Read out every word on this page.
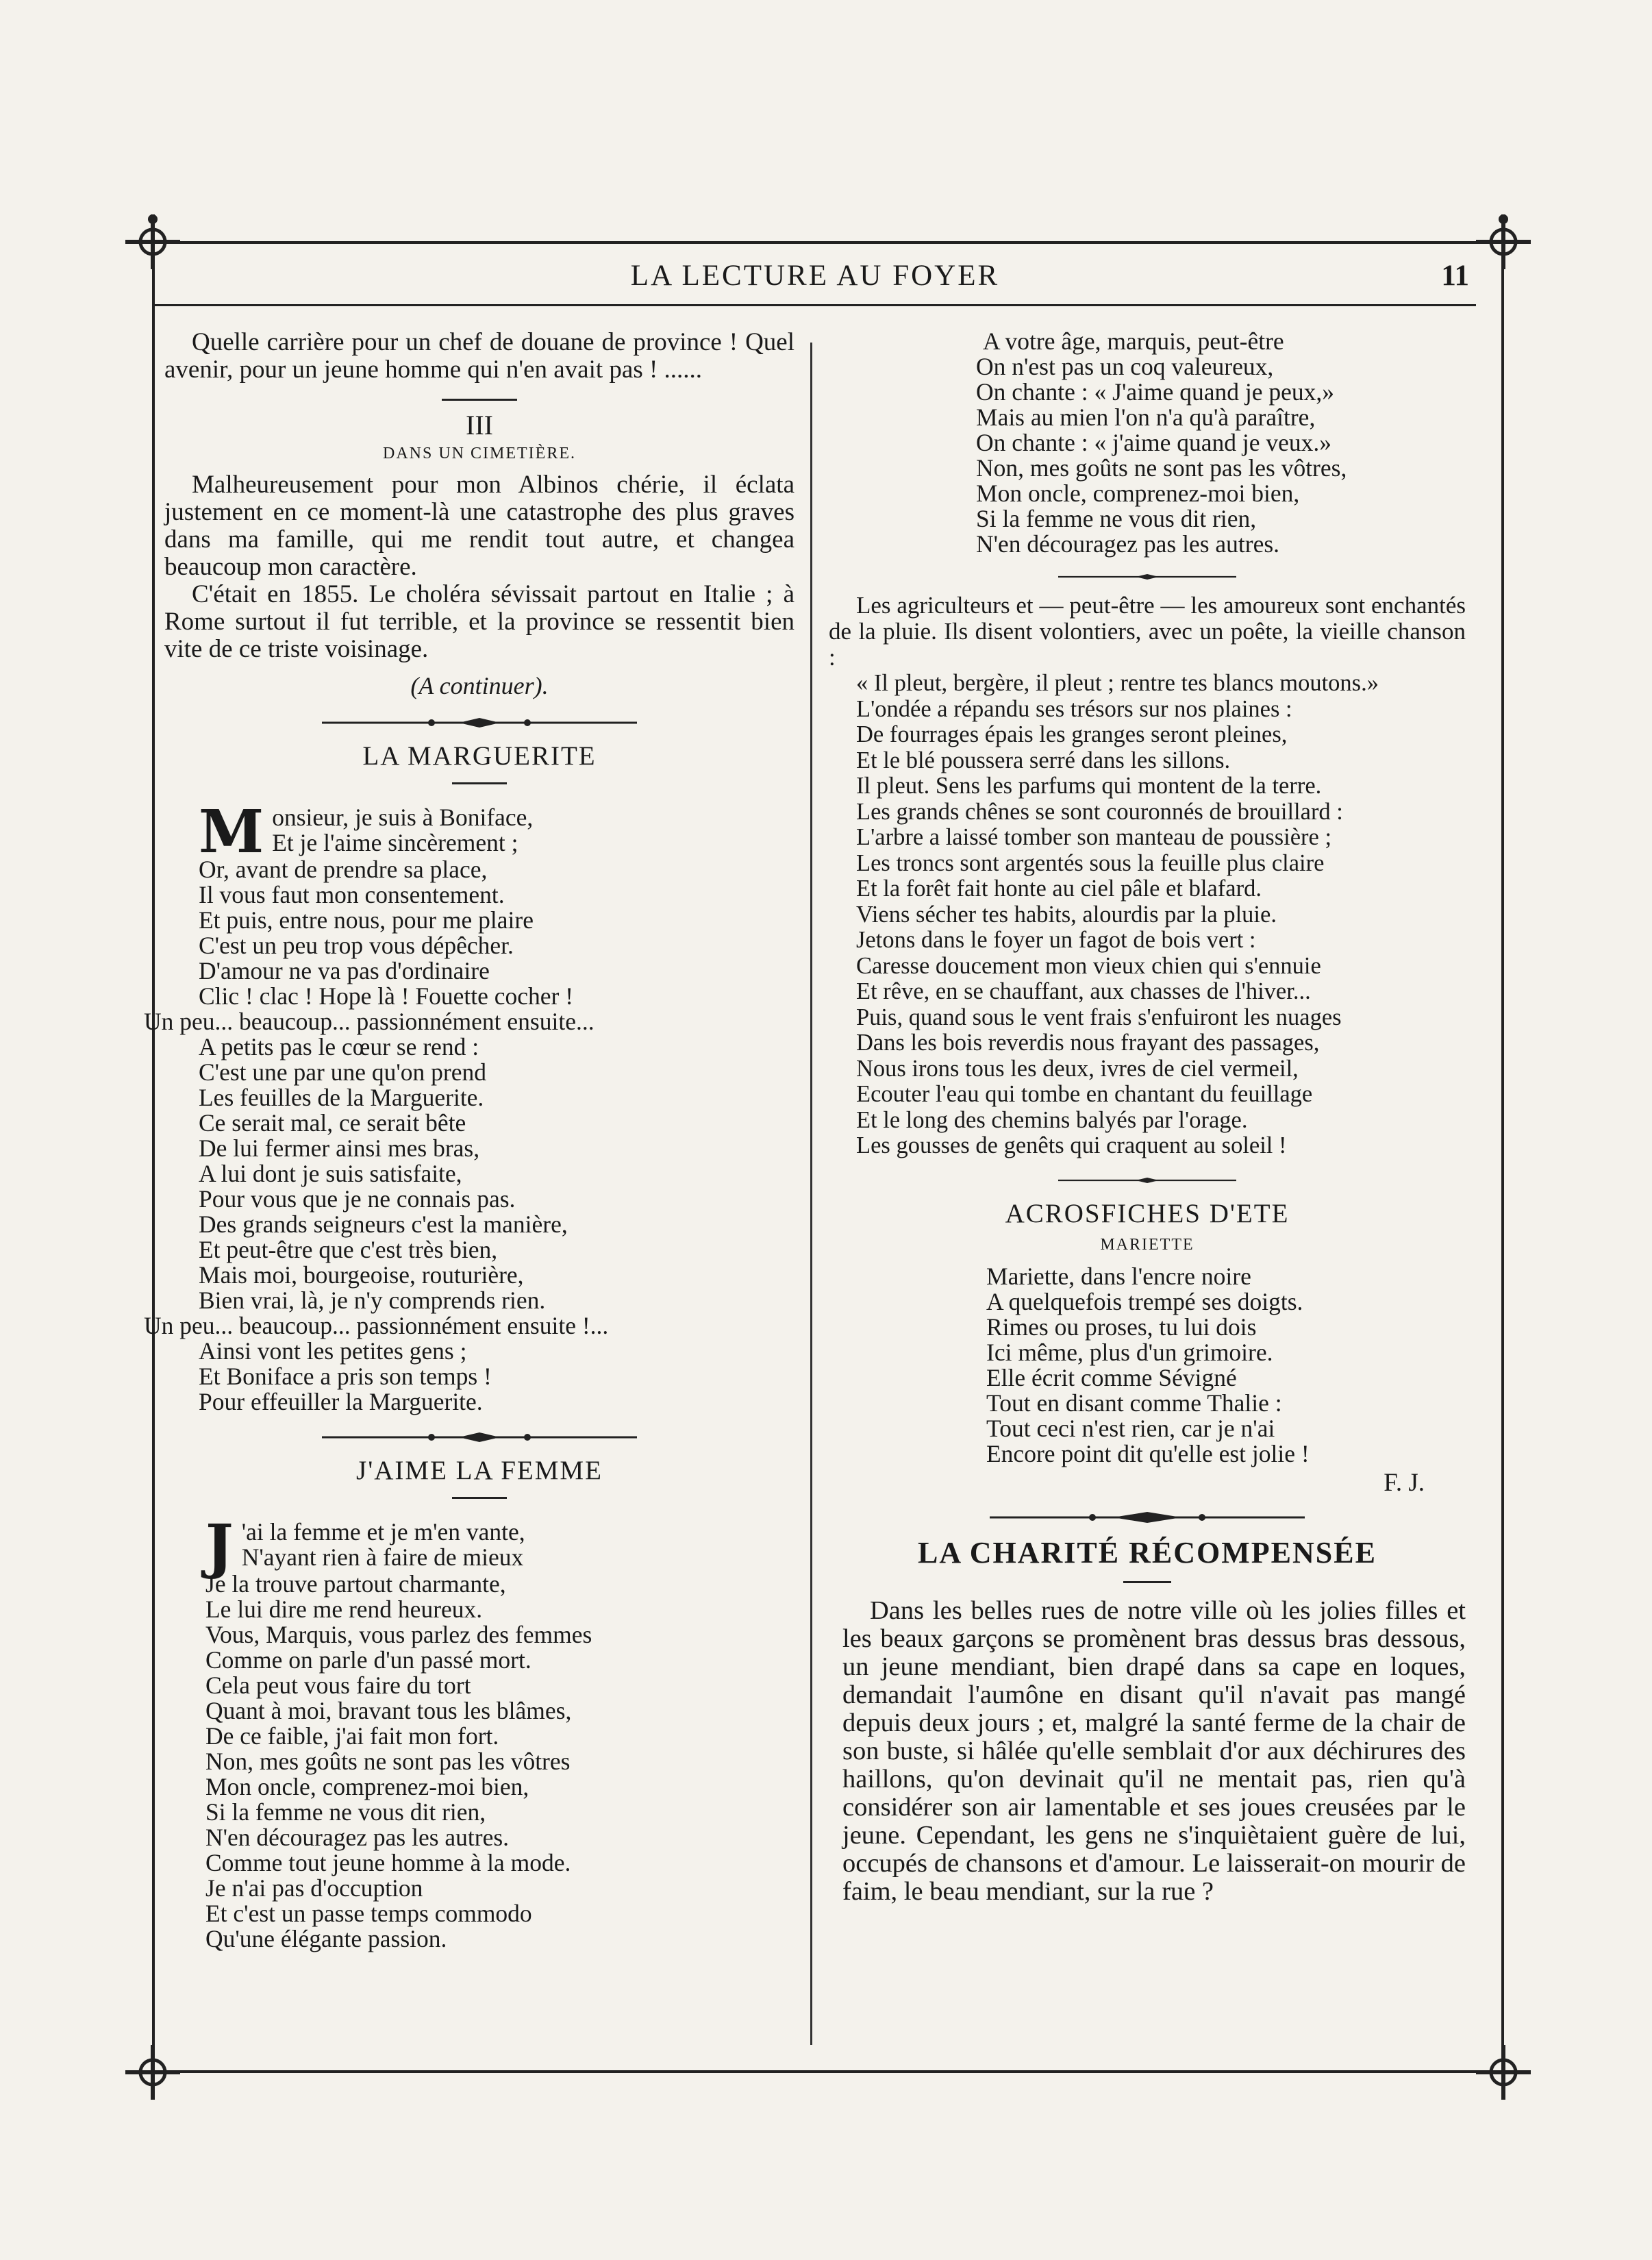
LA LECTURE AU FOYER	11

Quelle carrière pour un chef de douane de province ! Quel avenir, pour un jeune homme qui n'en avait pas ! ......

III
DANS UN CIMETIÈRE.

Malheureusement pour mon Albinos chérie, il éclata justement en ce moment-là une catastrophe des plus graves dans ma famille, qui me rendit tout autre, et changea beaucoup mon caractère.

C'était en 1855. Le choléra sévissait partout en Italie ; à Rome surtout il fut terrible, et la province se ressentit bien vite de ce triste voisinage.

(A continuer).
LA MARGUERITE
M onsieur, je suis à Boniface,
Et je l'aime sincèrement ;
Or, avant de prendre sa place,
Il vous faut mon consentement.
Et puis, entre nous, pour me plaire
C'est un peu trop vous dépêcher.
D'amour ne va pas d'ordinaire
Clic ! clac ! Hope là ! Fouette cocher !
Un peu... beaucoup... passionnément ensuite...
A petits pas le cœur se rend :
C'est une par une qu'on prend
Les feuilles de la Marguerite.
Ce serait mal, ce serait bête
De lui fermer ainsi mes bras,
A lui dont je suis satisfaite,
Pour vous que je ne connais pas.
Des grands seigneurs c'est la manière,
Et peut-être que c'est très bien,
Mais moi, bourgeoise, routurière,
Bien vrai, là, je n'y comprends rien.
Un peu... beaucoup... passionnément ensuite !...
Ainsi vont les petites gens ;
Et Boniface a pris son temps !
Pour effeuiller la Marguerite.
J'AIME LA FEMME
J 'ai la femme et je m'en vante,
N'ayant rien à faire de mieux
Je la trouve partout charmante,
Le lui dire me rend heureux.
Vous, Marquis, vous parlez des femmes
Comme on parle d'un passé mort.
Cela peut vous faire du tort
Quant à moi, bravant tous les blâmes,
De ce faible, j'ai fait mon fort.
Non, mes goûts ne sont pas les vôtres
Mon oncle, comprenez-moi bien,
Si la femme ne vous dit rien,
N'en découragez pas les autres.
Comme tout jeune homme à la mode.
Je n'ai pas d'occuption
Et c'est un passe temps commodo
Qu'une élégante passion.
A votre âge, marquis, peut-être
On n'est pas un coq valeureux,
On chante : « J'aime quand je peux,»
Mais au mien l'on n'a qu'à paraître,
On chante : « j'aime quand je veux.»
Non, mes goûts ne sont pas les vôtres,
Mon oncle, comprenez-moi bien,
Si la femme ne vous dit rien,
N'en découragez pas les autres.

Les agriculteurs et — peut-être — les amoureux sont enchantés de la pluie. Ils disent volontiers, avec un poête, la vieille chanson :

« Il pleut, bergère, il pleut ; rentre tes blancs moutons.»
L'ondée a répandu ses trésors sur nos plaines :
De fourrages épais les granges seront pleines,
Et le blé poussera serré dans les sillons.
Il pleut. Sens les parfums qui montent de la terre.
Les grands chênes se sont couronnés de brouillard :
L'arbre a laissé tomber son manteau de poussière ;
Les troncs sont argentés sous la feuille plus claire
Et la forêt fait honte au ciel pâle et blafard.
Viens sécher tes habits, alourdis par la pluie.
Jetons dans le foyer un fagot de bois vert :
Caresse doucement mon vieux chien qui s'ennuie
Et rêve, en se chauffant, aux chasses de l'hiver...
Puis, quand sous le vent frais s'enfuiront les nuages
Dans les bois reverdis nous frayant des passages,
Nous irons tous les deux, ivres de ciel vermeil,
Ecouter l'eau qui tombe en chantant du feuillage
Et le long des chemins balyés par l'orage.
Les gousses de genêts qui craquent au soleil !
ACROSFICHES D'ETE
MARIETTE
Mariette, dans l'encre noire
A quelquefois trempé ses doigts.
Rimes ou proses, tu lui dois
Ici même, plus d'un grimoire.
Elle écrit comme Sévigné
Tout en disant comme Thalie :
Tout ceci n'est rien, car je n'ai
Encore point dit qu'elle est jolie !
F. J.
LA CHARITÉ RÉCOMPENSÉE

Dans les belles rues de notre ville où les jolies filles et les beaux garçons se promènent bras dessus bras dessous, un jeune mendiant, bien drapé dans sa cape en loques, demandait l'aumône en disant qu'il n'avait pas mangé depuis deux jours ; et, malgré la santé ferme de la chair de son buste, si hâlée qu'elle semblait d'or aux déchirures des haillons, qu'on devinait qu'il ne mentait pas, rien qu'à considérer son air lamentable et ses joues creusées par le jeune. Cependant, les gens ne s'inquiètaient guère de lui, occupés de chansons et d'amour. Le laisserait-on mourir de faim, le beau mendiant, sur la rue ?
